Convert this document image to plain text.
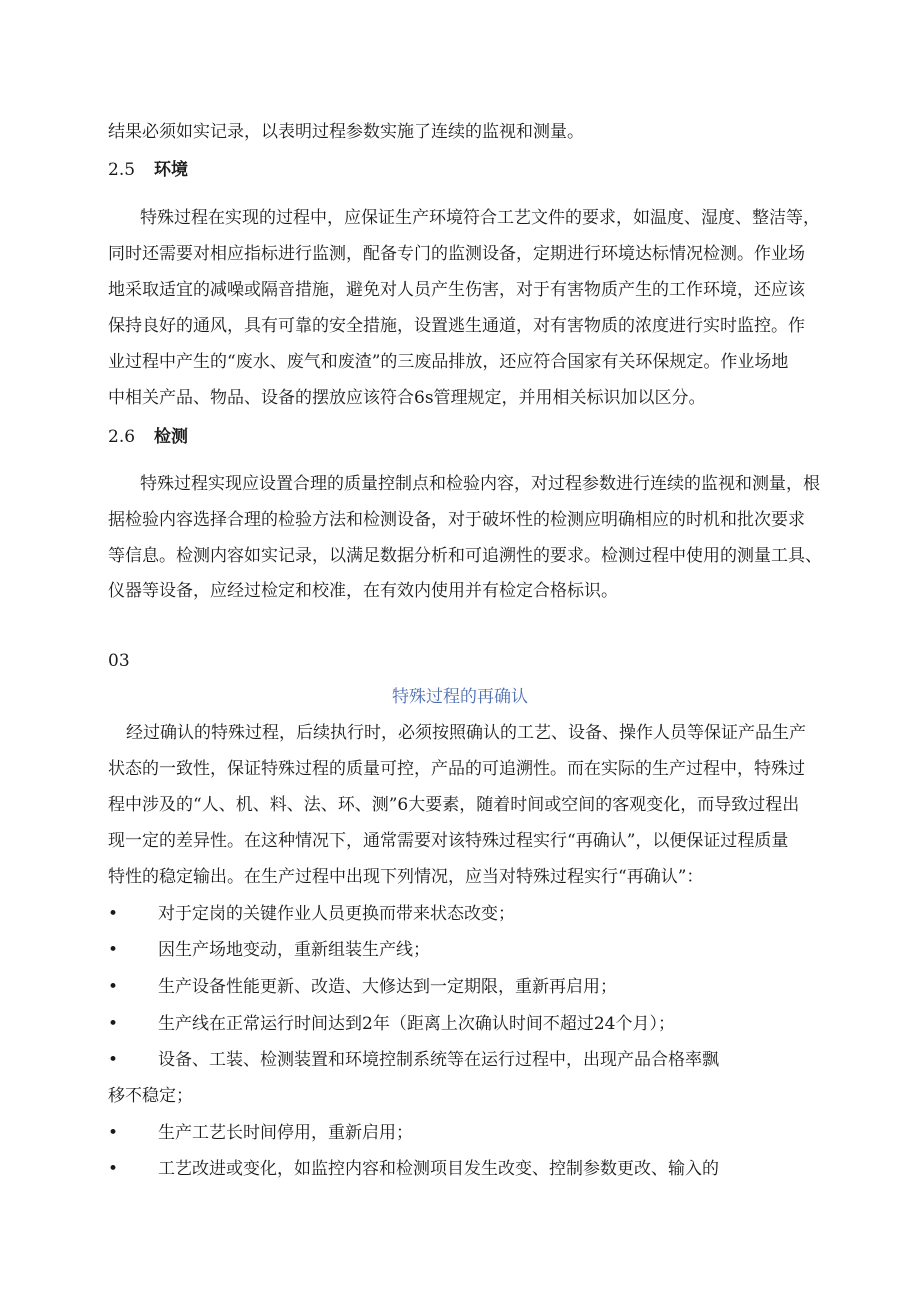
结果必须如实记录，以表明过程参数实施了连续的监视和测量。
2.5 环境
特殊过程在实现的过程中，应保证生产环境符合工艺文件的要求，如温度、湿度、整洁等，
同时还需要对相应指标进行监测，配备专门的监测设备，定期进行环境达标情况检测。作业场
地采取适宜的减噪或隔音措施，避免对人员产生伤害，对于有害物质产生的工作环境，还应该
保持良好的通风，具有可靠的安全措施，设置逃生通道，对有害物质的浓度进行实时监控。作
业过程中产生的“废水、废气和废渣”的三废品排放，还应符合国家有关环保规定。作业场地
中相关产品、物品、设备的摆放应该符合6s管理规定，并用相关标识加以区分。
2.6 检测
特殊过程实现应设置合理的质量控制点和检验内容，对过程参数进行连续的监视和测量，根
据检验内容选择合理的检验方法和检测设备，对于破坏性的检测应明确相应的时机和批次要求
等信息。检测内容如实记录，以满足数据分析和可追溯性的要求。检测过程中使用的测量工具、
仪器等设备，应经过检定和校准，在有效内使用并有检定合格标识。
03
特殊过程的再确认
经过确认的特殊过程，后续执行时，必须按照确认的工艺、设备、操作人员等保证产品生产
状态的一致性，保证特殊过程的质量可控，产品的可追溯性。而在实际的生产过程中，特殊过
程中涉及的“人、机、料、法、环、测”6大要素，随着时间或空间的客观变化，而导致过程出
现一定的差异性。在这种情况下，通常需要对该特殊过程实行“再确认”，以便保证过程质量
特性的稳定输出。在生产过程中出现下列情况，应当对特殊过程实行“再确认”：
• 对于定岗的关键作业人员更换而带来状态改变；
• 因生产场地变动，重新组装生产线；
• 生产设备性能更新、改造、大修达到一定期限，重新再启用；
• 生产线在正常运行时间达到2年（距离上次确认时间不超过24个月）；
• 设备、工装、检测装置和环境控制系统等在运行过程中，出现产品合格率飘
移不稳定；
• 生产工艺长时间停用，重新启用；
• 工艺改进或变化，如监控内容和检测项目发生改变、控制参数更改、输入的
